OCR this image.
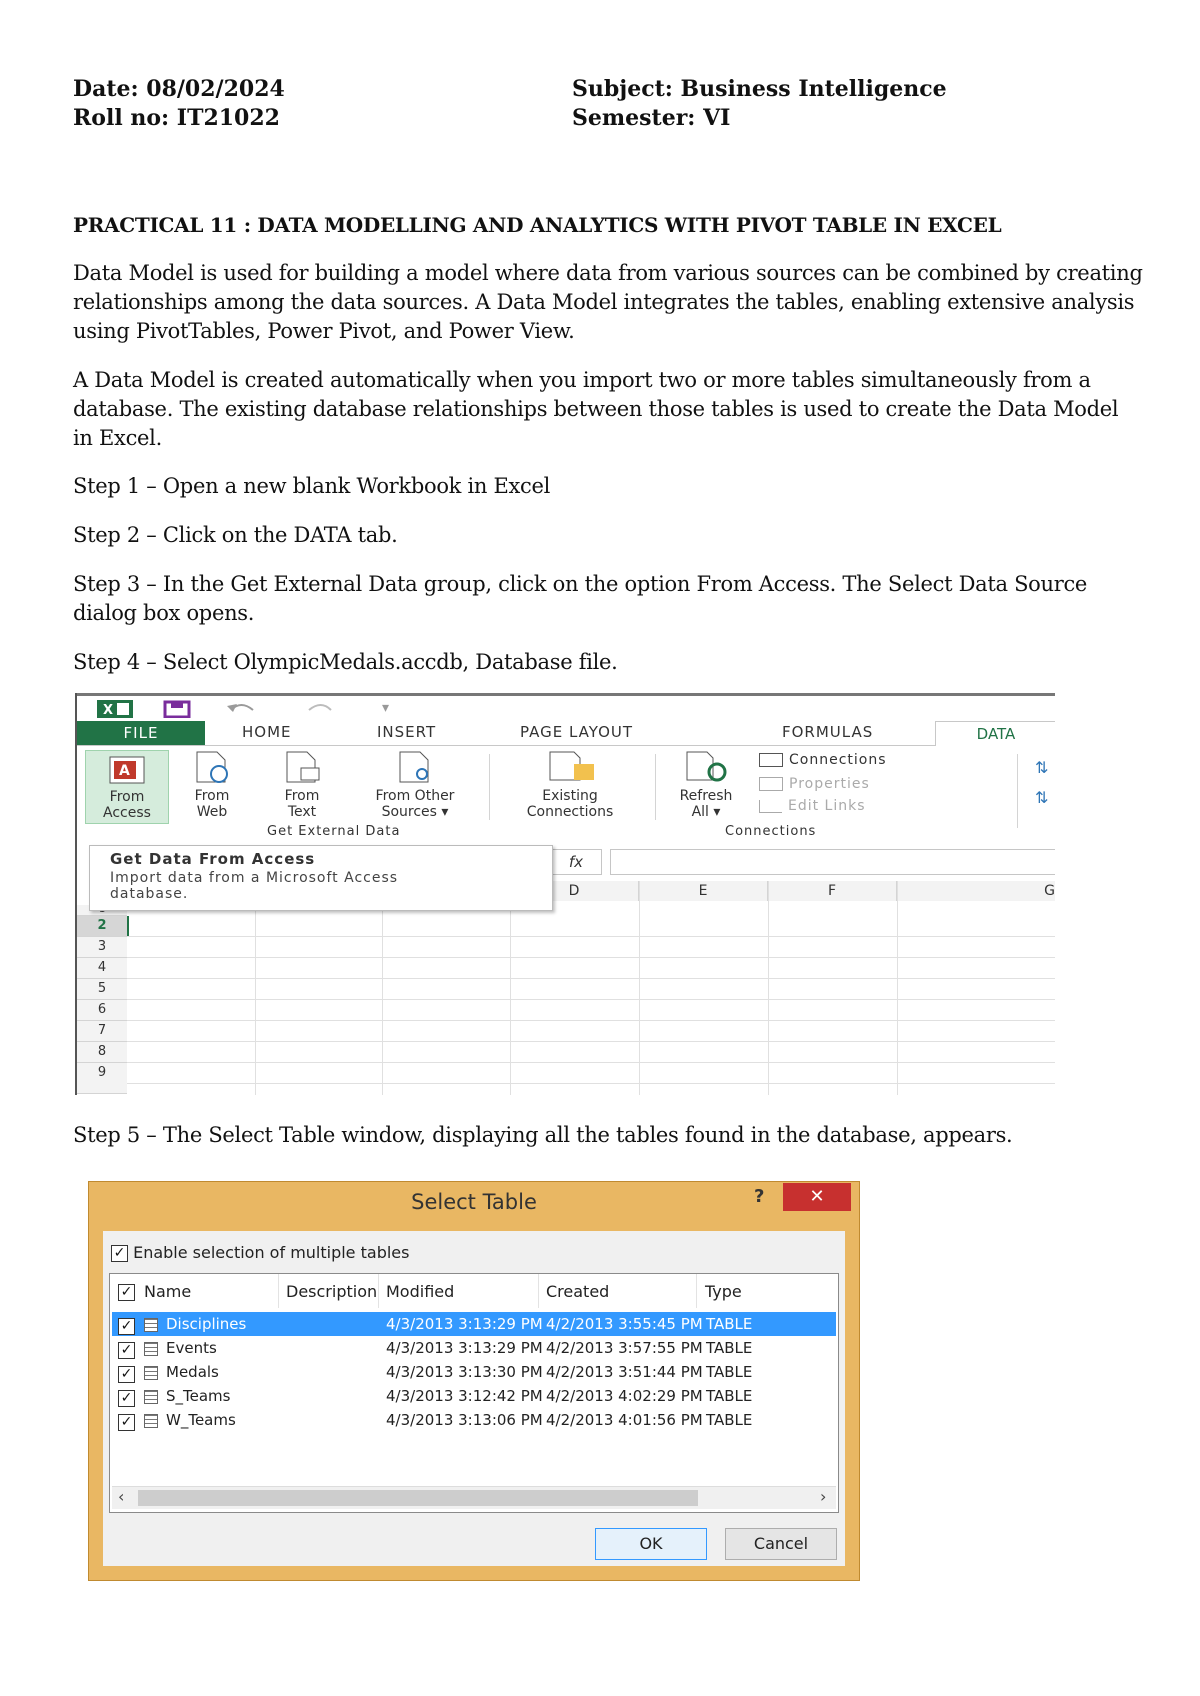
Date: 08/02/2024

Roll no: IT21022

Subject: Business Intelligence

Semester: VI

PRACTICAL 11 : DATA MODELLING AND ANALYTICS WITH PIVOT TABLE IN EXCEL

Data Model is used for building a model where data from various sources can be combined by creating relationships among the data sources. A Data Model integrates the tables, enabling extensive analysis using PivotTables, Power Pivot, and Power View.

A Data Model is created automatically when you import two or more tables simultaneously from a database. The existing database relationships between those tables is used to create the Data Model in Excel.

Step 1 – Open a new blank Workbook in Excel

Step 2 – Click on the DATA tab.

Step 3 – In the Get External Data group, click on the option From Access. The Select Data Source dialog box opens.

Step 4 – Select OlympicMedals.accdb, Database file.

X	▾
FILE	HOME	INSERT	PAGE LAYOUT	FORMULAS	DATA
A
From
Access
From
Web
From
Text
From Other
Sources ▾
Existing
Connections
Refresh
All ▾
Connections
Properties
Edit Links
⇅
⇅
Get External Data	Connections
fx
D	E	F	G
2
3
4
5
6
7
8
9
Get Data From Access
Import data from a Microsoft Access database.

Step 5 – The Select Table window, displaying all the tables found in the database, appears.

Select Table	?	✕
✓ Enable selection of multiple tables
✓ Name	Description Modified	Created	Type
✓ Disciplines	4/3/2013 3:13:29 PM 4/2/2013 3:55:45 PM TABLE
✓ Events	4/3/2013 3:13:29 PM 4/2/2013 3:57:55 PM TABLE
✓ Medals	4/3/2013 3:13:30 PM 4/2/2013 3:51:44 PM TABLE
✓ S_Teams	4/3/2013 3:12:42 PM 4/2/2013 4:02:29 PM TABLE
✓ W_Teams	4/3/2013 3:13:06 PM 4/2/2013 4:01:56 PM TABLE
‹	›
OK	Cancel
